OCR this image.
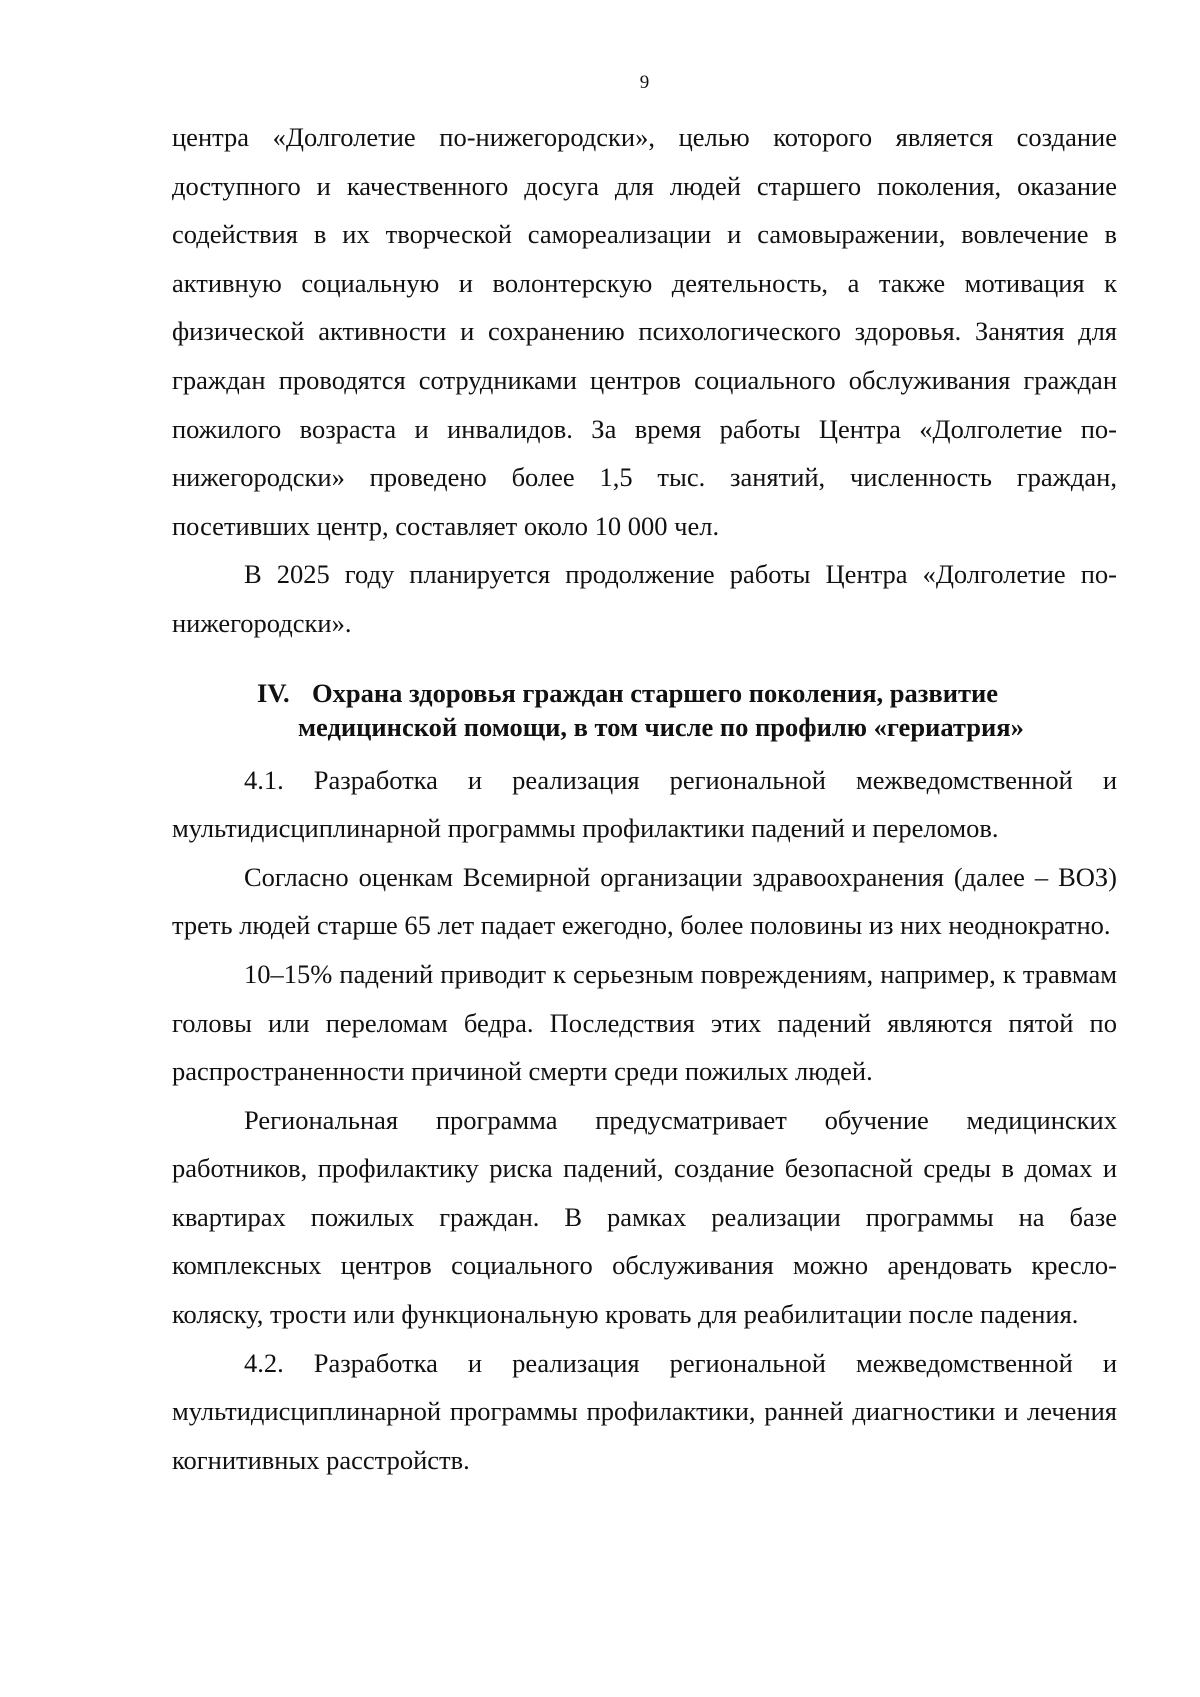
9

центра «Долголетие по-нижегородски», целью которого является создание доступного и качественного досуга для людей старшего поколения, оказание содействия в их творческой самореализации и самовыражении, вовлечение в активную социальную и волонтерскую деятельность, а также мотивация к физической активности и сохранению психологического здоровья. Занятия для граждан проводятся сотрудниками центров социального обслуживания граждан пожилого возраста и инвалидов. За время работы Центра «Долголетие по-нижегородски» проведено более 1,5 тыс. занятий, численность граждан, посетивших центр, составляет около 10 000 чел.

В 2025 году планируется продолжение работы Центра «Долголетие по-нижегородски».

IV. Охрана здоровья граждан старшего поколения, развитие
медицинской помощи, в том числе по профилю «гериатрия»

4.1. Разработка и реализация региональной межведомственной и мультидисциплинарной программы профилактики падений и переломов.

Согласно оценкам Всемирной организации здравоохранения (далее – ВОЗ) треть людей старше 65 лет падает ежегодно, более половины из них неоднократно.

10–15% падений приводит к серьезным повреждениям, например, к травмам головы или переломам бедра. Последствия этих падений являются пятой по распространенности причиной смерти среди пожилых людей.

Региональная программа предусматривает обучение медицинских работников, профилактику риска падений, создание безопасной среды в домах и квартирах пожилых граждан. В рамках реализации программы на базе комплексных центров социального обслуживания можно арендовать кресло-коляску, трости или функциональную кровать для реабилитации после падения.

4.2. Разработка и реализация региональной межведомственной и мультидисциплинарной программы профилактики, ранней диагностики и лечения когнитивных расстройств.
